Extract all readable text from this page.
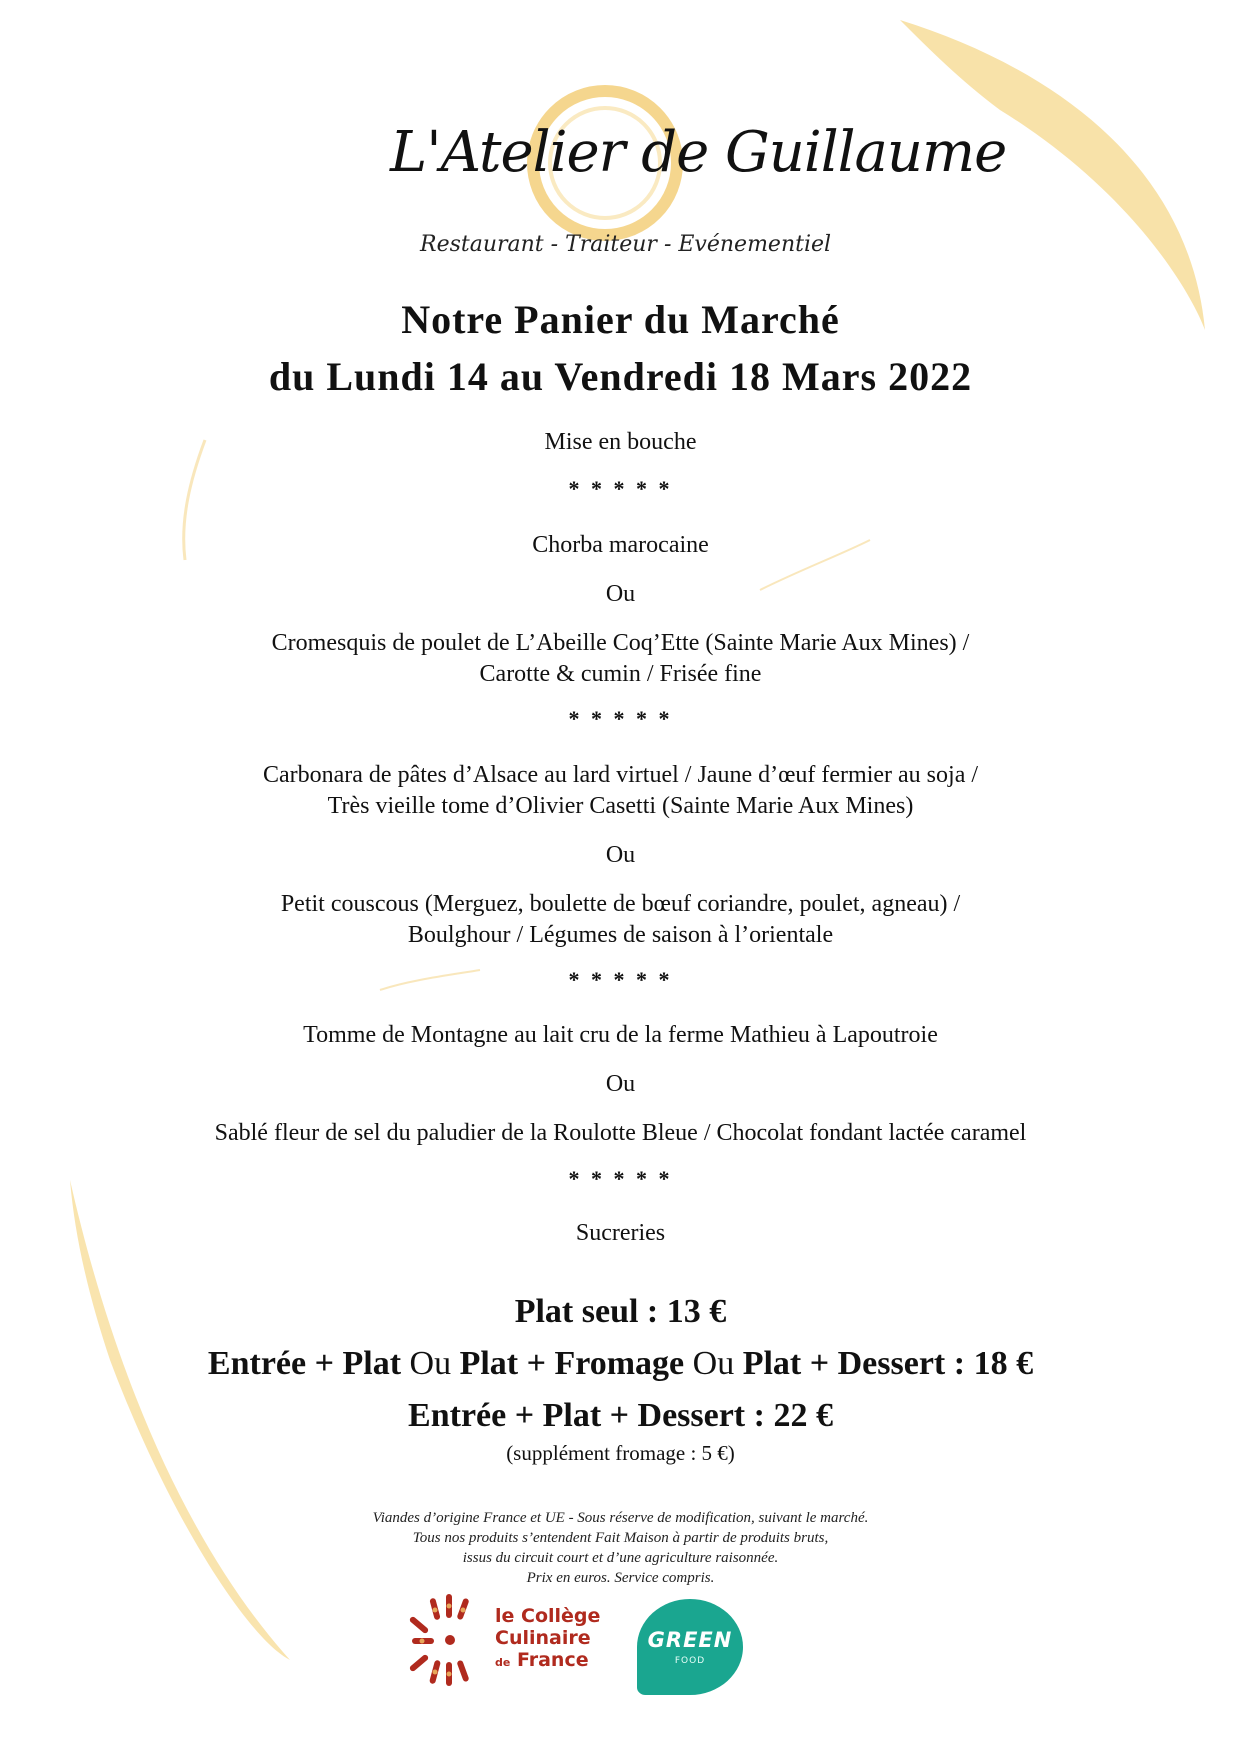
L'Atelier de Guillaume
Restaurant - Traiteur - Evénementiel
Notre Panier du Marché
du Lundi 14 au Vendredi 18 Mars 2022
Mise en bouche
* * * * *
Chorba marocaine
Ou
Cromesquis de poulet de L’Abeille Coq’Ette (Sainte Marie Aux Mines) /
Carotte & cumin / Frisée fine
* * * * *
Carbonara de pâtes d’Alsace au lard virtuel / Jaune d’œuf fermier au soja /
Très vieille tome d’Olivier Casetti (Sainte Marie Aux Mines)
Ou
Petit couscous (Merguez, boulette de bœuf coriandre, poulet, agneau) /
Boulghour / Légumes de saison à l’orientale
* * * * *
Tomme de Montagne au lait cru de la ferme Mathieu à Lapoutroie
Ou
Sablé fleur de sel du paludier de la Roulotte Bleue / Chocolat fondant lactée caramel
* * * * *
Sucreries
Plat seul : 13 €
Entrée + Plat Ou Plat + Fromage Ou Plat + Dessert : 18 €
Entrée + Plat + Dessert : 22 €
(supplément fromage : 5 €)
Viandes d’origine France et UE - Sous réserve de modification, suivant le marché.
Tous nos produits s’entendent Fait Maison à partir de produits bruts,
issus du circuit court et d’une agriculture raisonnée.
Prix en euros. Service compris.
le Collège
Culinaire
de France
GREEN
FOOD
